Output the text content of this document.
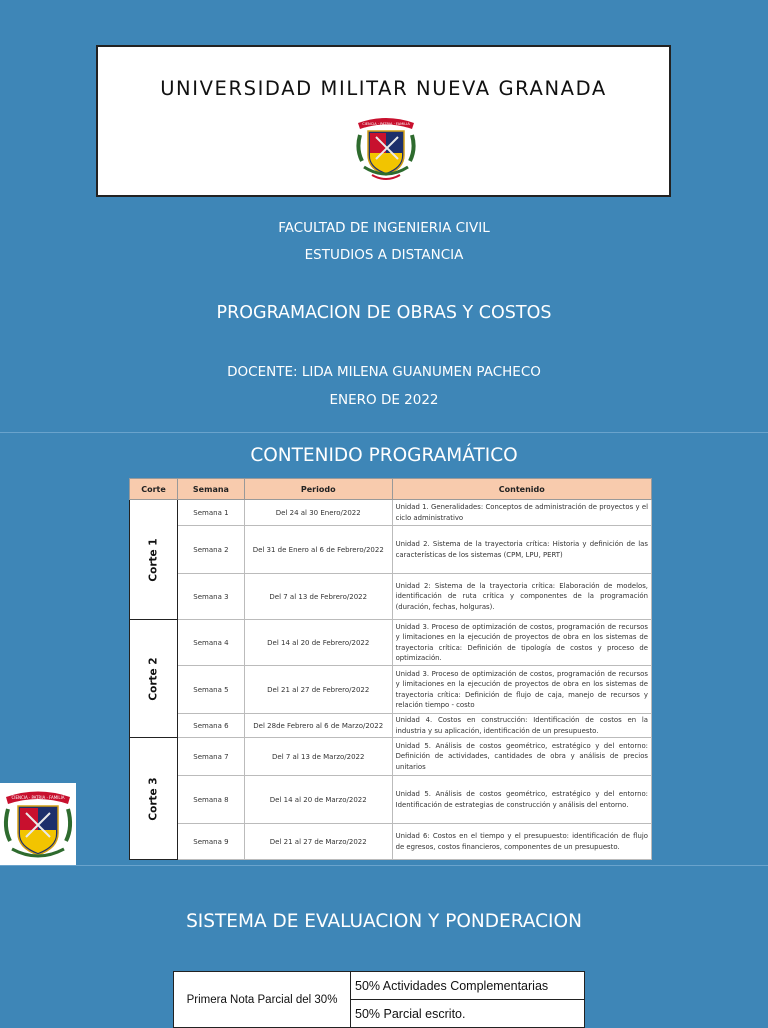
UNIVERSIDAD MILITAR NUEVA GRANADA
CIENCIA · PATRIA · FAMILIA
FACULTAD DE INGENIERIA CIVIL
ESTUDIOS A DISTANCIA
PROGRAMACION DE OBRAS Y COSTOS
DOCENTE: LIDA MILENA GUANUMEN PACHECO
ENERO DE 2022
CONTENIDO PROGRAMÁTICO
Corte	Semana	Periodo	Contenido
Corte 1	Semana 1	Del 24 al 30 Enero/2022	Unidad 1. Generalidades: Conceptos de administración de proyectos y el ciclo administrativo
	Semana 2	Del 31 de Enero al 6 de Febrero/2022	Unidad 2. Sistema de la trayectoria crítica: Historia y definición de las características de los sistemas (CPM, LPU, PERT)
	Semana 3	Del 7 al 13 de Febrero/2022	Unidad 2: Sistema de la trayectoria crítica: Elaboración de modelos, identificación de ruta crítica y componentes de la programación (duración, fechas, holguras).
Corte 2	Semana 4	Del 14 al 20 de Febrero/2022	Unidad 3. Proceso de optimización de costos, programación de recursos y limitaciones en la ejecución de proyectos de obra en los sistemas de trayectoria crítica: Definición de tipología de costos y proceso de optimización.
	Semana 5	Del 21 al 27 de Febrero/2022	Unidad 3. Proceso de optimización de costos, programación de recursos y limitaciones en la ejecución de proyectos de obra en los sistemas de trayectoria crítica: Definición de flujo de caja, manejo de recursos y relación tiempo - costo
	Semana 6	Del 28de Febrero al 6 de Marzo/2022	Unidad 4. Costos en construcción: Identificación de costos en la industria y su aplicación, identificación de un presupuesto.
Corte 3	Semana 7	Del 7 al 13 de Marzo/2022	Unidad 5. Análisis de costos geométrico, estratégico y del entorno: Definición de actividades, cantidades de obra y análisis de precios unitarios
	Semana 8	Del 14 al 20 de Marzo/2022	Unidad 5. Análisis de costos geométrico, estratégico y del entorno: Identificación de estrategias de construcción y análisis del entorno.
	Semana 9	Del 21 al 27 de Marzo/2022	Unidad 6: Costos en el tiempo y el presupuesto: identificación de flujo de egresos, costos financieros, componentes de un presupuesto.
CIENCIA · PATRIA · FAMILIA
SISTEMA DE EVALUACION Y PONDERACION
Primera Nota Parcial del 30%	50% Actividades Complementarias
50% Parcial escrito.
